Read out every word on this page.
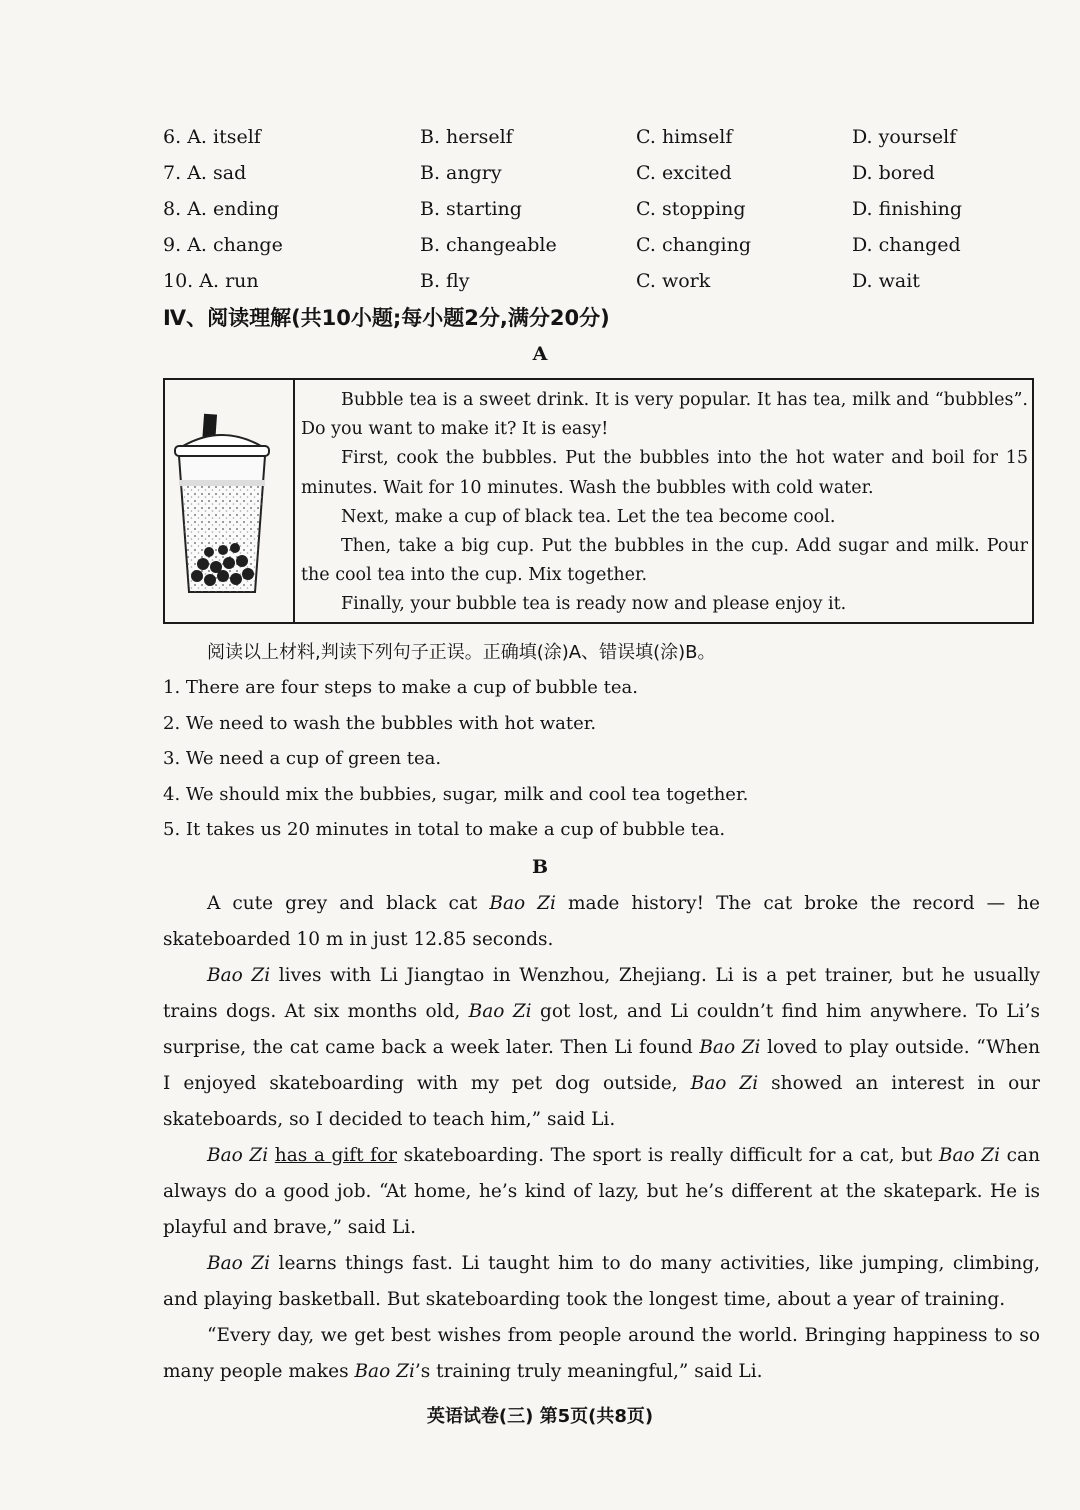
6. A. itself	B. herself	C. himself	D. yourself
7. A. sad	B. angry	C. excited	D. bored
8. A. ending	B. starting	C. stopping	D. finishing
9. A. change	B. changeable	C. changing	D. changed
10. A. run	B. fly	C. work	D. wait
Ⅳ、阅读理解(共10小题;每小题2分,满分20分)
A

Bubble tea is a sweet drink. It is very popular. It has tea, milk and “bubbles”. Do you want to make it? It is easy!

First, cook the bubbles. Put the bubbles into the hot water and boil for 15 minutes. Wait for 10 minutes. Wash the bubbles with cold water.

Next, make a cup of black tea. Let the tea become cool.

Then, take a big cup. Put the bubbles in the cup. Add sugar and milk. Pour the cool tea into the cup. Mix together.

Finally, your bubble tea is ready now and please enjoy it.

阅读以上材料,判读下列句子正误。正确填(涂)A、错误填(涂)B。
1. There are four steps to make a cup of bubble tea.
2. We need to wash the bubbles with hot water.
3. We need a cup of green tea.
4. We should mix the bubbies, sugar, milk and cool tea together.
5. It takes us 20 minutes in total to make a cup of bubble tea.
B

A cute grey and black cat Bao Zi made history! The cat broke the record — he skateboarded 10 m in just 12.85 seconds.

Bao Zi lives with Li Jiangtao in Wenzhou, Zhejiang. Li is a pet trainer, but he usually trains dogs. At six months old, Bao Zi got lost, and Li couldn’t find him anywhere. To Li’s surprise, the cat came back a week later. Then Li found Bao Zi loved to play outside. “When I enjoyed skateboarding with my pet dog outside, Bao Zi showed an interest in our skateboards, so I decided to teach him,” said Li.

Bao Zi has a gift for skateboarding. The sport is really difficult for a cat, but Bao Zi can always do a good job. “At home, he’s kind of lazy, but he’s different at the skatepark. He is playful and brave,” said Li.

Bao Zi learns things fast. Li taught him to do many activities, like jumping, climbing, and playing basketball. But skateboarding took the longest time, about a year of training.

“Every day, we get best wishes from people around the world. Bringing happiness to so many people makes Bao Zi’s training truly meaningful,” said Li.

英语试卷(三) 第5页(共8页)
